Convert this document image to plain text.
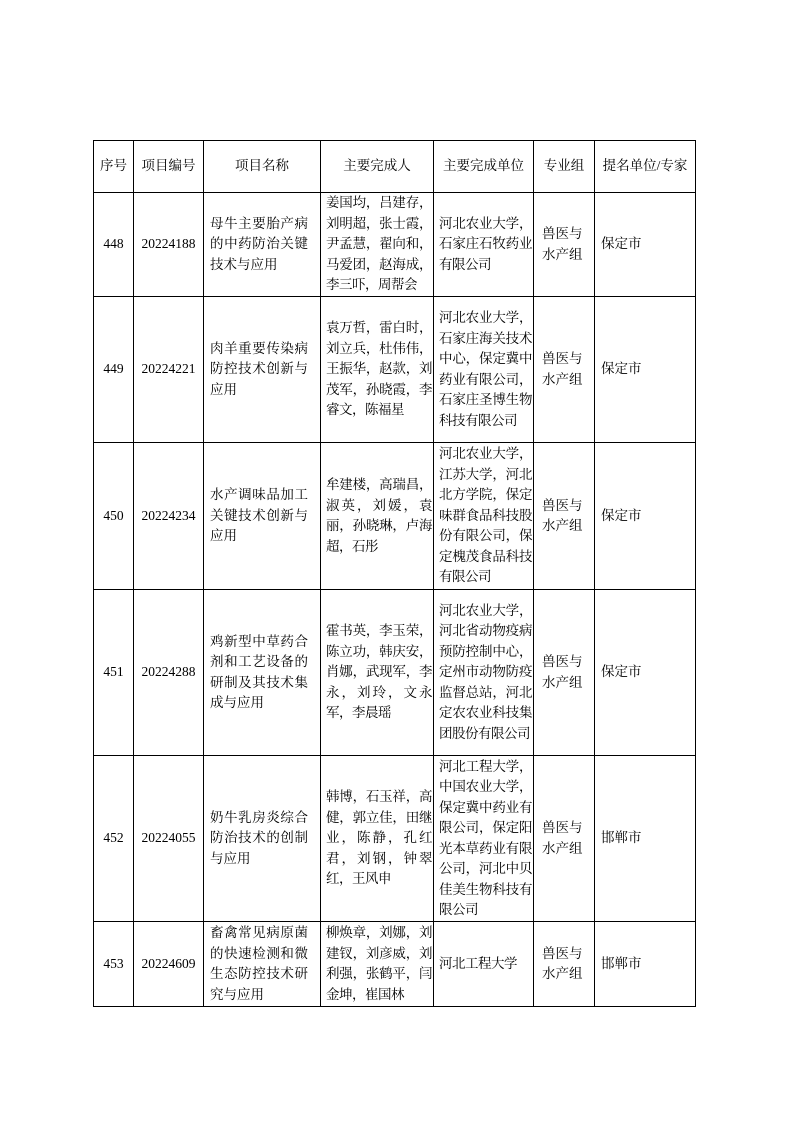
序号	项目编号	项目名称	主要完成人	主要完成单位	专业组	提名单位/专家
448	20224188	母牛主要胎产病的中药防治关键技术与应用	姜国均，吕建存，刘明超，张士霞，尹孟慧，翟向和，马爱团，赵海成，李三吓，周帮会	河北农业大学，石家庄石牧药业有限公司	兽医与水产组	保定市
449	20224221	肉羊重要传染病防控技术创新与应用	袁万哲，雷白时，刘立兵，杜伟伟，王振华，赵款，刘茂军，孙晓霞，李睿文，陈福星	河北农业大学，石家庄海关技术中心，保定冀中药业有限公司，石家庄圣博生物科技有限公司	兽医与水产组	保定市
450	20224234	水产调味品加工关键技术创新与应用	牟建楼，高瑞昌，淑英，刘媛，袁丽，孙晓琳，卢海超，石彤	河北农业大学，江苏大学，河北北方学院，保定味群食品科技股份有限公司，保定槐茂食品科技有限公司	兽医与水产组	保定市
451	20224288	鸡新型中草药合剂和工艺设备的研制及其技术集成与应用	霍书英，李玉荣，陈立功，韩庆安，肖娜，武现军，李永，刘玲，文永军，李晨瑶	河北农业大学，河北省动物疫病预防控制中心，定州市动物防疫监督总站，河北定农农业科技集团股份有限公司	兽医与水产组	保定市
452	20224055	奶牛乳房炎综合防治技术的创制与应用	韩博，石玉祥，高健，郭立佳，田继业，陈静，孔红君，刘钢，钟翠红，王风申	河北工程大学，中国农业大学，保定冀中药业有限公司，保定阳光本草药业有限公司，河北中贝佳美生物科技有限公司	兽医与水产组	邯郸市
453	20224609	畜禽常见病原菌的快速检测和微生态防控技术研究与应用	柳焕章，刘娜，刘建钗，刘彦威，刘利强，张鹤平，闫金坤，崔国林	河北工程大学	兽医与水产组	邯郸市
